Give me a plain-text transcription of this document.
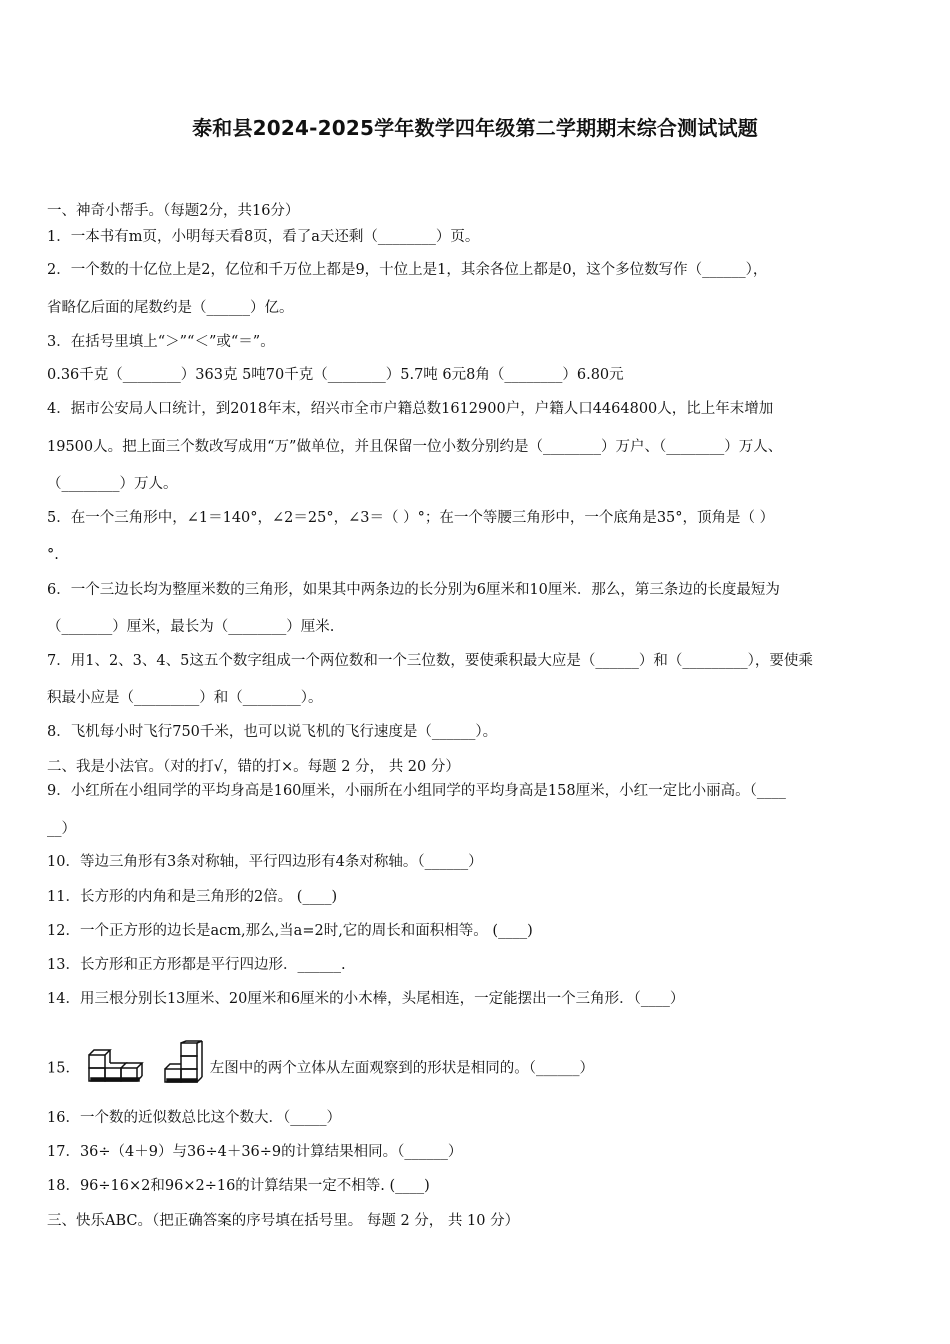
泰和县2024-2025学年数学四年级第二学期期末综合测试试题
一、神奇小帮手。（每题2分，共16分）
1．一本书有m页，小明每天看8页，看了a天还剩（________）页。
2．一个数的十亿位上是2，亿位和千万位上都是9，十位上是1，其余各位上都是0，这个多位数写作（______），
省略亿后面的尾数约是（______）亿。
3．在括号里填上“＞”“＜”或“＝”。
0.36千克（________）363克 5吨70千克（________）5.7吨 6元8角（________）6.80元
4．据市公安局人口统计，到2018年末，绍兴市全市户籍总数1612900户，户籍人口4464800人，比上年末增加
19500人。把上面三个数改写成用“万”做单位，并且保留一位小数分别约是（________）万户、（________）万人、
（________）万人。
5．在一个三角形中，∠1＝140°，∠2＝25°，∠3＝（ ）°；在一个等腰三角形中，一个底角是35°，顶角是（ ）
°.
6．一个三边长均为整厘米数的三角形，如果其中两条边的长分别为6厘米和10厘米．那么，第三条边的长度最短为
（_______）厘米，最长为（________）厘米.
7．用1、2、3、4、5这五个数字组成一个两位数和一个三位数，要使乘积最大应是（______）和（_________），要使乘
积最小应是（_________）和（________）。
8．飞机每小时飞行750千米，也可以说飞机的飞行速度是（______）。
二、我是小法官。（对的打√，错的打×。每题 2 分， 共 20 分）
9．小红所在小组同学的平均身高是160厘米，小丽所在小组同学的平均身高是158厘米，小红一定比小丽高。（____
__）
10．等边三角形有3条对称轴，平行四边形有4条对称轴。（______）
11．长方形的内角和是三角形的2倍。 (____)
12．一个正方形的边长是acm,那么,当a=2时,它的周长和面积相等。 (____)
13．长方形和正方形都是平行四边形．______.
14．用三根分别长13厘米、20厘米和6厘米的小木棒，头尾相连，一定能摆出一个三角形．（____）
15．	左图中的两个立体从左面观察到的形状是相同的。（______）
16．一个数的近似数总比这个数大．（_____）
17．36÷（4＋9）与36÷4＋36÷9的计算结果相同。（______）
18．96÷16×2和96×2÷16的计算结果一定不相等. (____)
三、快乐ABC。（把正确答案的序号填在括号里。 每题 2 分， 共 10 分）
